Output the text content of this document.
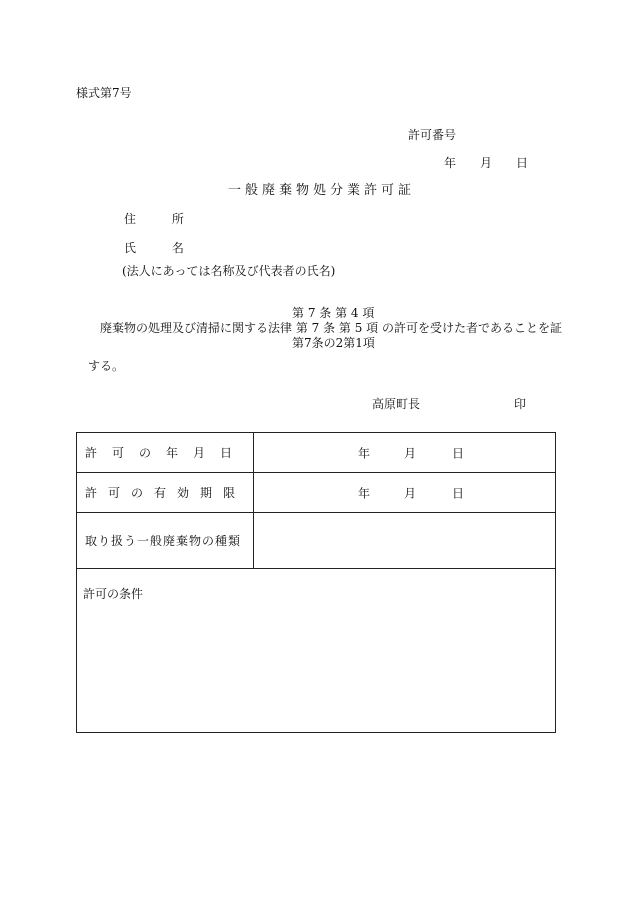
様式第7号
許可番号
年 月 日
一般廃棄物処分業許可証
住 所
氏 名
(法人にあっては名称及び代表者の氏名)
第 7 条 第 4 項
廃棄物の処理及び清掃に関する法律 第 7 条 第 5 項 の許可を受けた者であることを証
第7条の2第1項
する。
高原町長	印
許可の年月日	年 月 日

許可の有効期限	年 月 日

取り扱う一般廃棄物の種類	

許可の条件	
